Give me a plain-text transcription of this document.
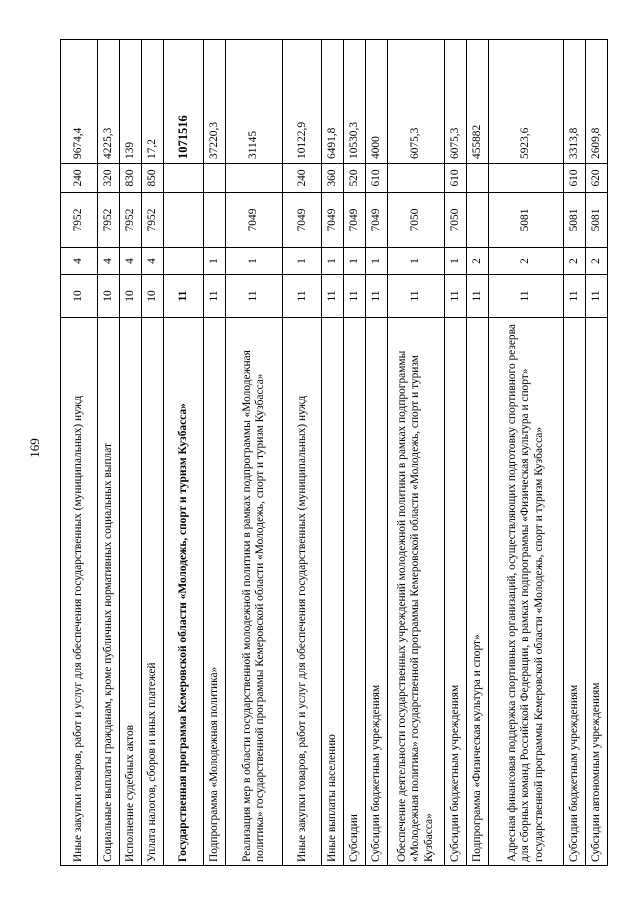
169	Иные закупки товаров, работ и услуг для обеспечения государственных (муниципальных) нужд	10	4	7952	240	9674,4
Социальные выплаты гражданам, кроме публичных нормативных социальных выплат	10	4	7952	320	4225,3
Исполнение судебных актов	10	4	7952	830	139
Уплата налогов, сборов и иных платежей	10	4	7952	850	17,2
Государственная программа Кемеровской области «Молодежь, спорт и туризм Кузбасса»	11				1071516
Подпрограмма «Молодежная политика»	11	1			37220,3
Реализация мер в области государственной молодежной политики в рамках подпрограммы «Молодежная политика» государственной программы Кемеровской области «Молодежь, спорт и туризм Кузбасса»	11	1	7049		31145
Иные закупки товаров, работ и услуг для обеспечения государственных (муниципальных) нужд	11	1	7049	240	10122,9
Иные выплаты населению	11	1	7049	360	6491,8
Субсидии	11	1	7049	520	10530,3
Субсидии бюджетным учреждениям	11	1	7049	610	4000
Обеспечение деятельности государственных учреждений молодежной политики в рамках подпрограммы «Молодежная политика» государственной программы Кемеровской области «Молодежь, спорт и туризм Кузбасса»	11	1	7050		6075,3
Субсидии бюджетным учреждениям	11	1	7050	610	6075,3
Подпрограмма «Физическая культура и спорт»	11	2			455882
Адресная финансовая поддержка спортивных организаций, осуществляющих подготовку спортивного резерва для сборных команд Российской Федерации, в рамках подпрограммы «Физическая культура и спорт» государственной программы Кемеровской области «Молодежь, спорт и туризм Кузбасса»	11	2	5081		5923,6
Субсидии бюджетным учреждениям	11	2	5081	610	3313,8
Субсидии автономным учреждениям	11	2	5081	620	2609,8
